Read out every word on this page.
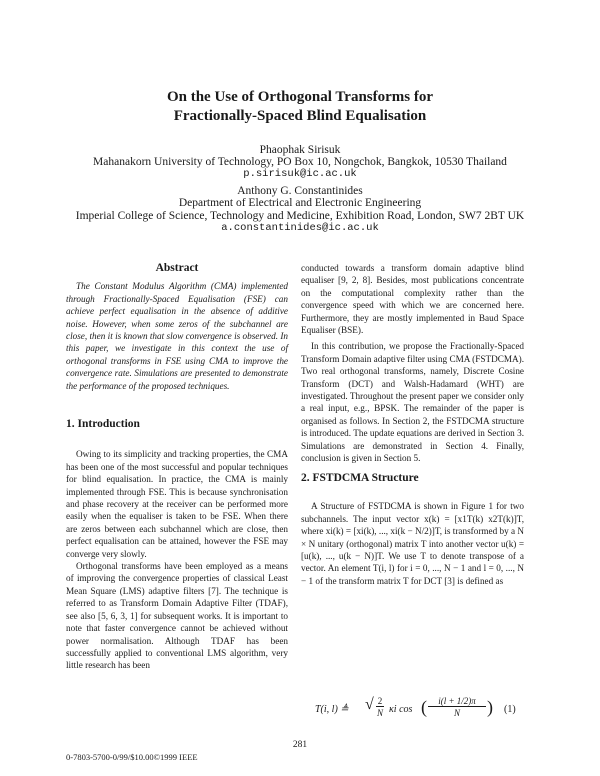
On the Use of Orthogonal Transforms for
Fractionally-Spaced Blind Equalisation
Phaophak Sirisuk
Mahanakorn University of Technology, PO Box 10, Nongchok, Bangkok, 10530 Thailand
p.sirisuk@ic.ac.uk
Anthony G. Constantinides
Department of Electrical and Electronic Engineering
Imperial College of Science, Technology and Medicine, Exhibition Road, London, SW7 2BT UK
a.constantinides@ic.ac.uk
Abstract

The Constant Modulus Algorithm (CMA) implemented through Fractionally-Spaced Equalisation (FSE) can achieve perfect equalisation in the absence of additive noise. However, when some zeros of the subchannel are close, then it is known that slow convergence is observed. In this paper, we investigate in this context the use of orthogonal transforms in FSE using CMA to improve the convergence rate. Simulations are presented to demonstrate the performance of the proposed techniques.

1. Introduction

Owing to its simplicity and tracking properties, the CMA has been one of the most successful and popular techniques for blind equalisation. In practice, the CMA is mainly implemented through FSE. This is because synchronisation and phase recovery at the receiver can be performed more easily when the equaliser is taken to be FSE. When there are zeros between each subchannel which are close, then perfect equalisation can be attained, however the FSE may converge very slowly.

Orthogonal transforms have been employed as a means of improving the convergence properties of classical Least Mean Square (LMS) adaptive filters [7]. The technique is referred to as Transform Domain Adaptive Filter (TDAF), see also [5, 6, 3, 1] for subsequent works. It is important to note that faster convergence cannot be achieved without power normalisation. Although TDAF has been successfully applied to conventional LMS algorithm, very little research has been

conducted towards a transform domain adaptive blind equaliser [9, 2, 8]. Besides, most publications concentrate on the computational complexity rather than the convergence speed with which we are concerned here. Furthermore, they are mostly implemented in Baud Space Equaliser (BSE).

In this contribution, we propose the Fractionally-Spaced Transform Domain adaptive filter using CMA (FSTDCMA). Two real orthogonal transforms, namely, Discrete Cosine Transform (DCT) and Walsh-Hadamard (WHT) are investigated. Throughout the present paper we consider only a real input, e.g., BPSK. The remainder of the paper is organised as follows. In Section 2, the FSTDCMA structure is introduced. The update equations are derived in Section 3. Simulations are demonstrated in Section 4. Finally, conclusion is given in Section 5.

2. FSTDCMA Structure

A Structure of FSTDCMA is shown in Figure 1 for two subchannels. The input vector x(k) = [x1T(k) x2T(k)]T, where xi(k) = [xi(k), ..., xi(k − N/2)]T, is transformed by a N × N unitary (orthogonal) matrix T into another vector u(k) = [u(k), ..., u(k − N)]T. We use T to denote transpose of a vector. An element T(i, l) for i = 0, ..., N − 1 and l = 0, ..., N − 1 of the transform matrix T for DCT [3] is defined as

T(i, l) ≜ √ 2
N κi cos (	i(l + 1/2)π
N	) (1)
281
0-7803-5700-0/99/$10.00©1999 IEEE
